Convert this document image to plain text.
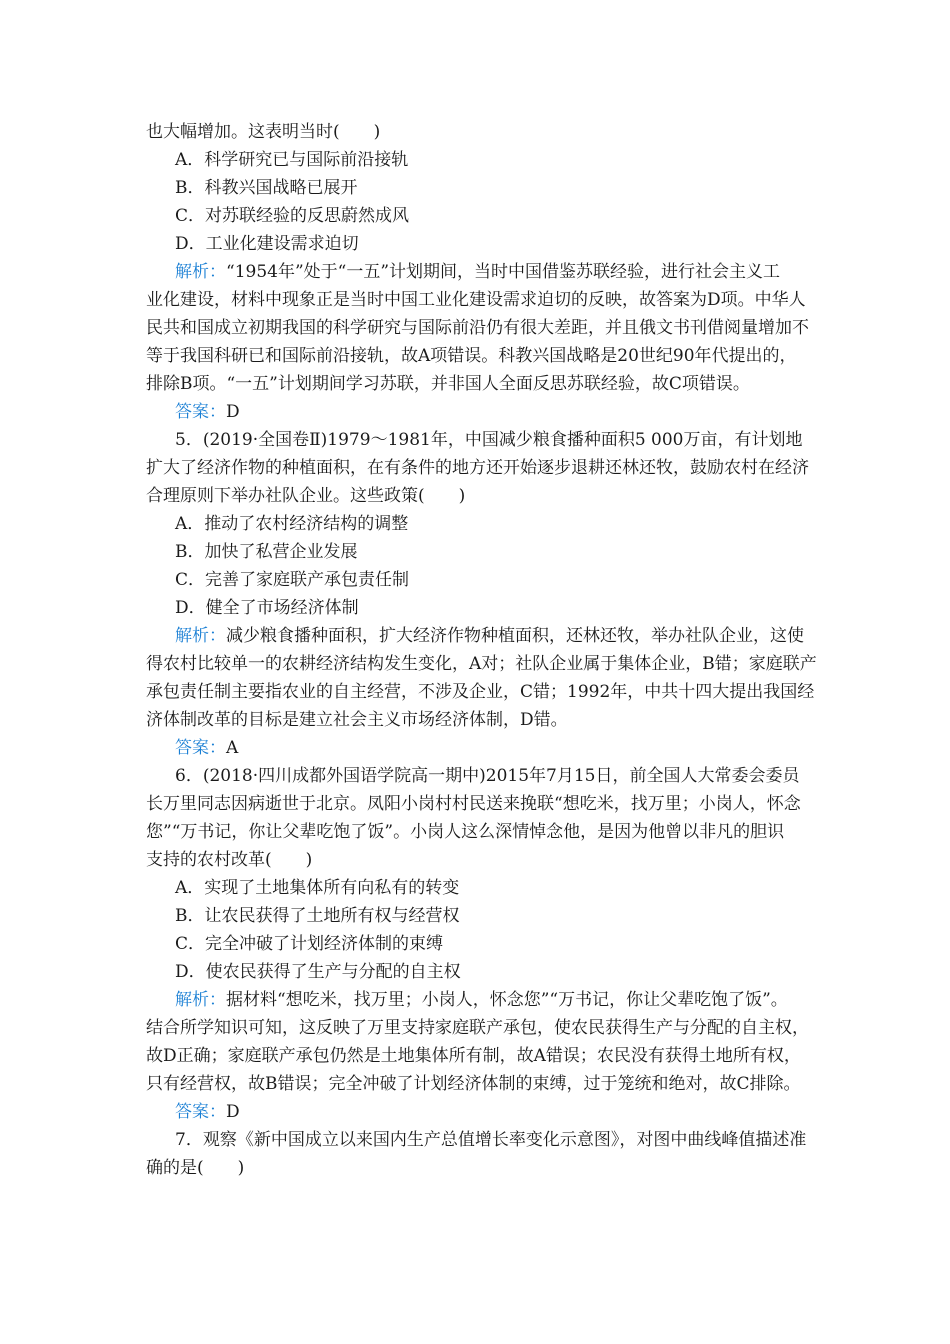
也大幅增加。这表明当时(　　)
A．科学研究已与国际前沿接轨
B．科教兴国战略已展开
C．对苏联经验的反思蔚然成风
D．工业化建设需求迫切
解析：“1954年”处于“一五”计划期间，当时中国借鉴苏联经验，进行社会主义工
业化建设，材料中现象正是当时中国工业化建设需求迫切的反映，故答案为D项。中华人
民共和国成立初期我国的科学研究与国际前沿仍有很大差距，并且俄文书刊借阅量增加不
等于我国科研已和国际前沿接轨，故A项错误。科教兴国战略是20世纪90年代提出的，
排除B项。“一五”计划期间学习苏联，并非国人全面反思苏联经验，故C项错误。
答案：D
5．(2019·全国卷Ⅱ)1979～1981年，中国减少粮食播种面积5 000万亩，有计划地
扩大了经济作物的种植面积，在有条件的地方还开始逐步退耕还林还牧，鼓励农村在经济
合理原则下举办社队企业。这些政策(　　)
A．推动了农村经济结构的调整
B．加快了私营企业发展
C．完善了家庭联产承包责任制
D．健全了市场经济体制
解析：减少粮食播种面积，扩大经济作物种植面积，还林还牧，举办社队企业，这使
得农村比较单一的农耕经济结构发生变化，A对；社队企业属于集体企业，B错；家庭联产
承包责任制主要指农业的自主经营，不涉及企业，C错；1992年，中共十四大提出我国经
济体制改革的目标是建立社会主义市场经济体制，D错。
答案：A
6．(2018·四川成都外国语学院高一期中)2015年7月15日，前全国人大常委会委员
长万里同志因病逝世于北京。凤阳小岗村村民送来挽联“想吃米，找万里；小岗人，怀念
您”“万书记，你让父辈吃饱了饭”。小岗人这么深情悼念他，是因为他曾以非凡的胆识
支持的农村改革(　　)
A．实现了土地集体所有向私有的转变
B．让农民获得了土地所有权与经营权
C．完全冲破了计划经济体制的束缚
D．使农民获得了生产与分配的自主权
解析：据材料“想吃米，找万里；小岗人，怀念您”“万书记，你让父辈吃饱了饭”。
结合所学知识可知，这反映了万里支持家庭联产承包，使农民获得生产与分配的自主权，
故D正确；家庭联产承包仍然是土地集体所有制，故A错误；农民没有获得土地所有权，
只有经营权，故B错误；完全冲破了计划经济体制的束缚，过于笼统和绝对，故C排除。
答案：D
7．观察《新中国成立以来国内生产总值增长率变化示意图》，对图中曲线峰值描述准
确的是(　　)
